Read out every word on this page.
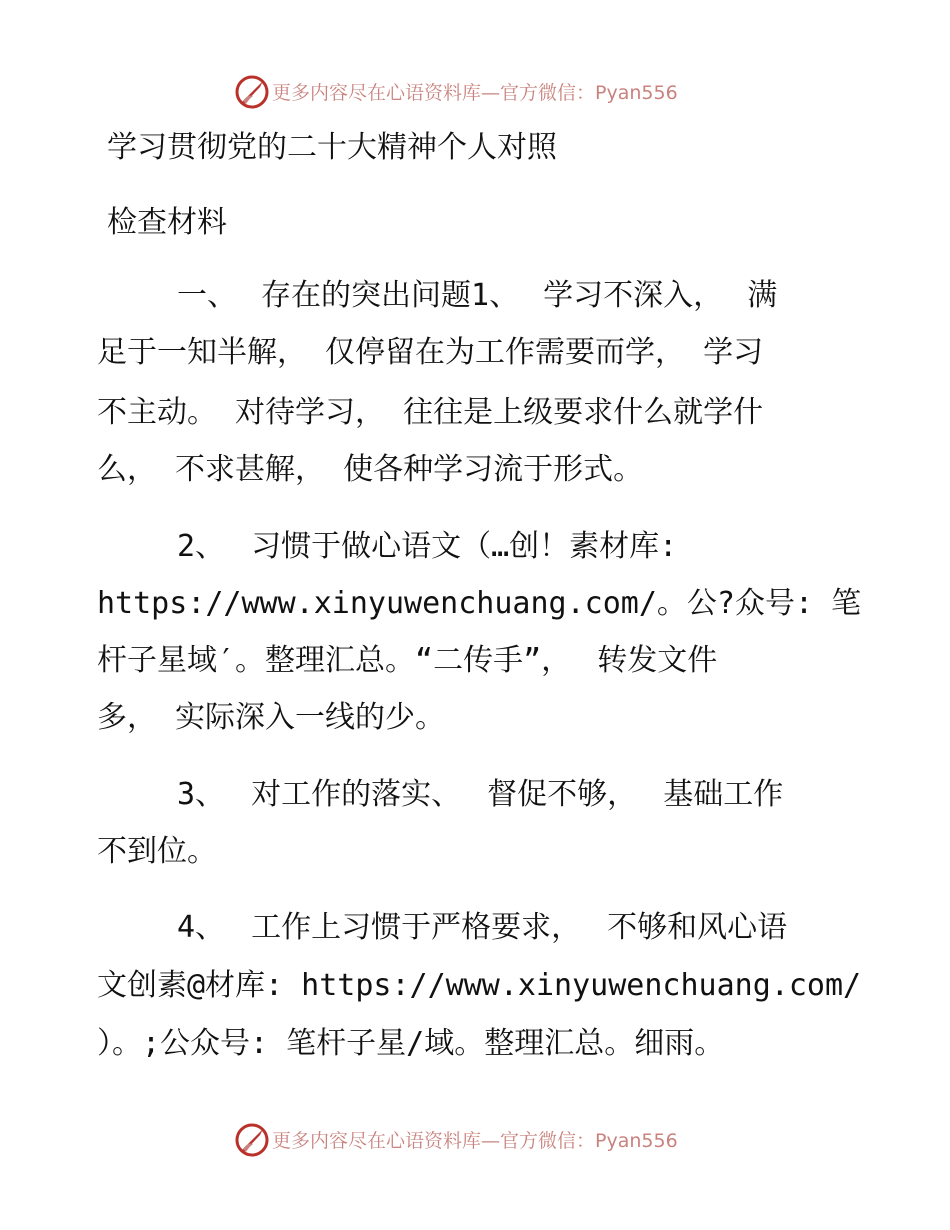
更多内容尽在心语资料库—官方微信：Pyan556
学习贯彻党的二十大精神个人对照
检查材料
一、 存在的突出问题1、 学习不深入， 满
足于一知半解， 仅停留在为工作需要而学， 学习
不主动。 对待学习， 往往是上级要求什么就学什
么， 不求甚解， 使各种学习流于形式。
2、 习惯于做心语文（…创！素材库:
https://www.xinyuwenchuang.com/。公?众号: 笔
杆子星域′。整理汇总。“二传手”， 转发文件
多， 实际深入一线的少。
3、 对工作的落实、 督促不够， 基础工作
不到位。
4、 工作上习惯于严格要求， 不够和风心语
文创素@材库: https://www.xinyuwenchuang.com/
）。;公众号: 笔杆子星/域。整理汇总。细雨。
更多内容尽在心语资料库—官方微信：Pyan556
